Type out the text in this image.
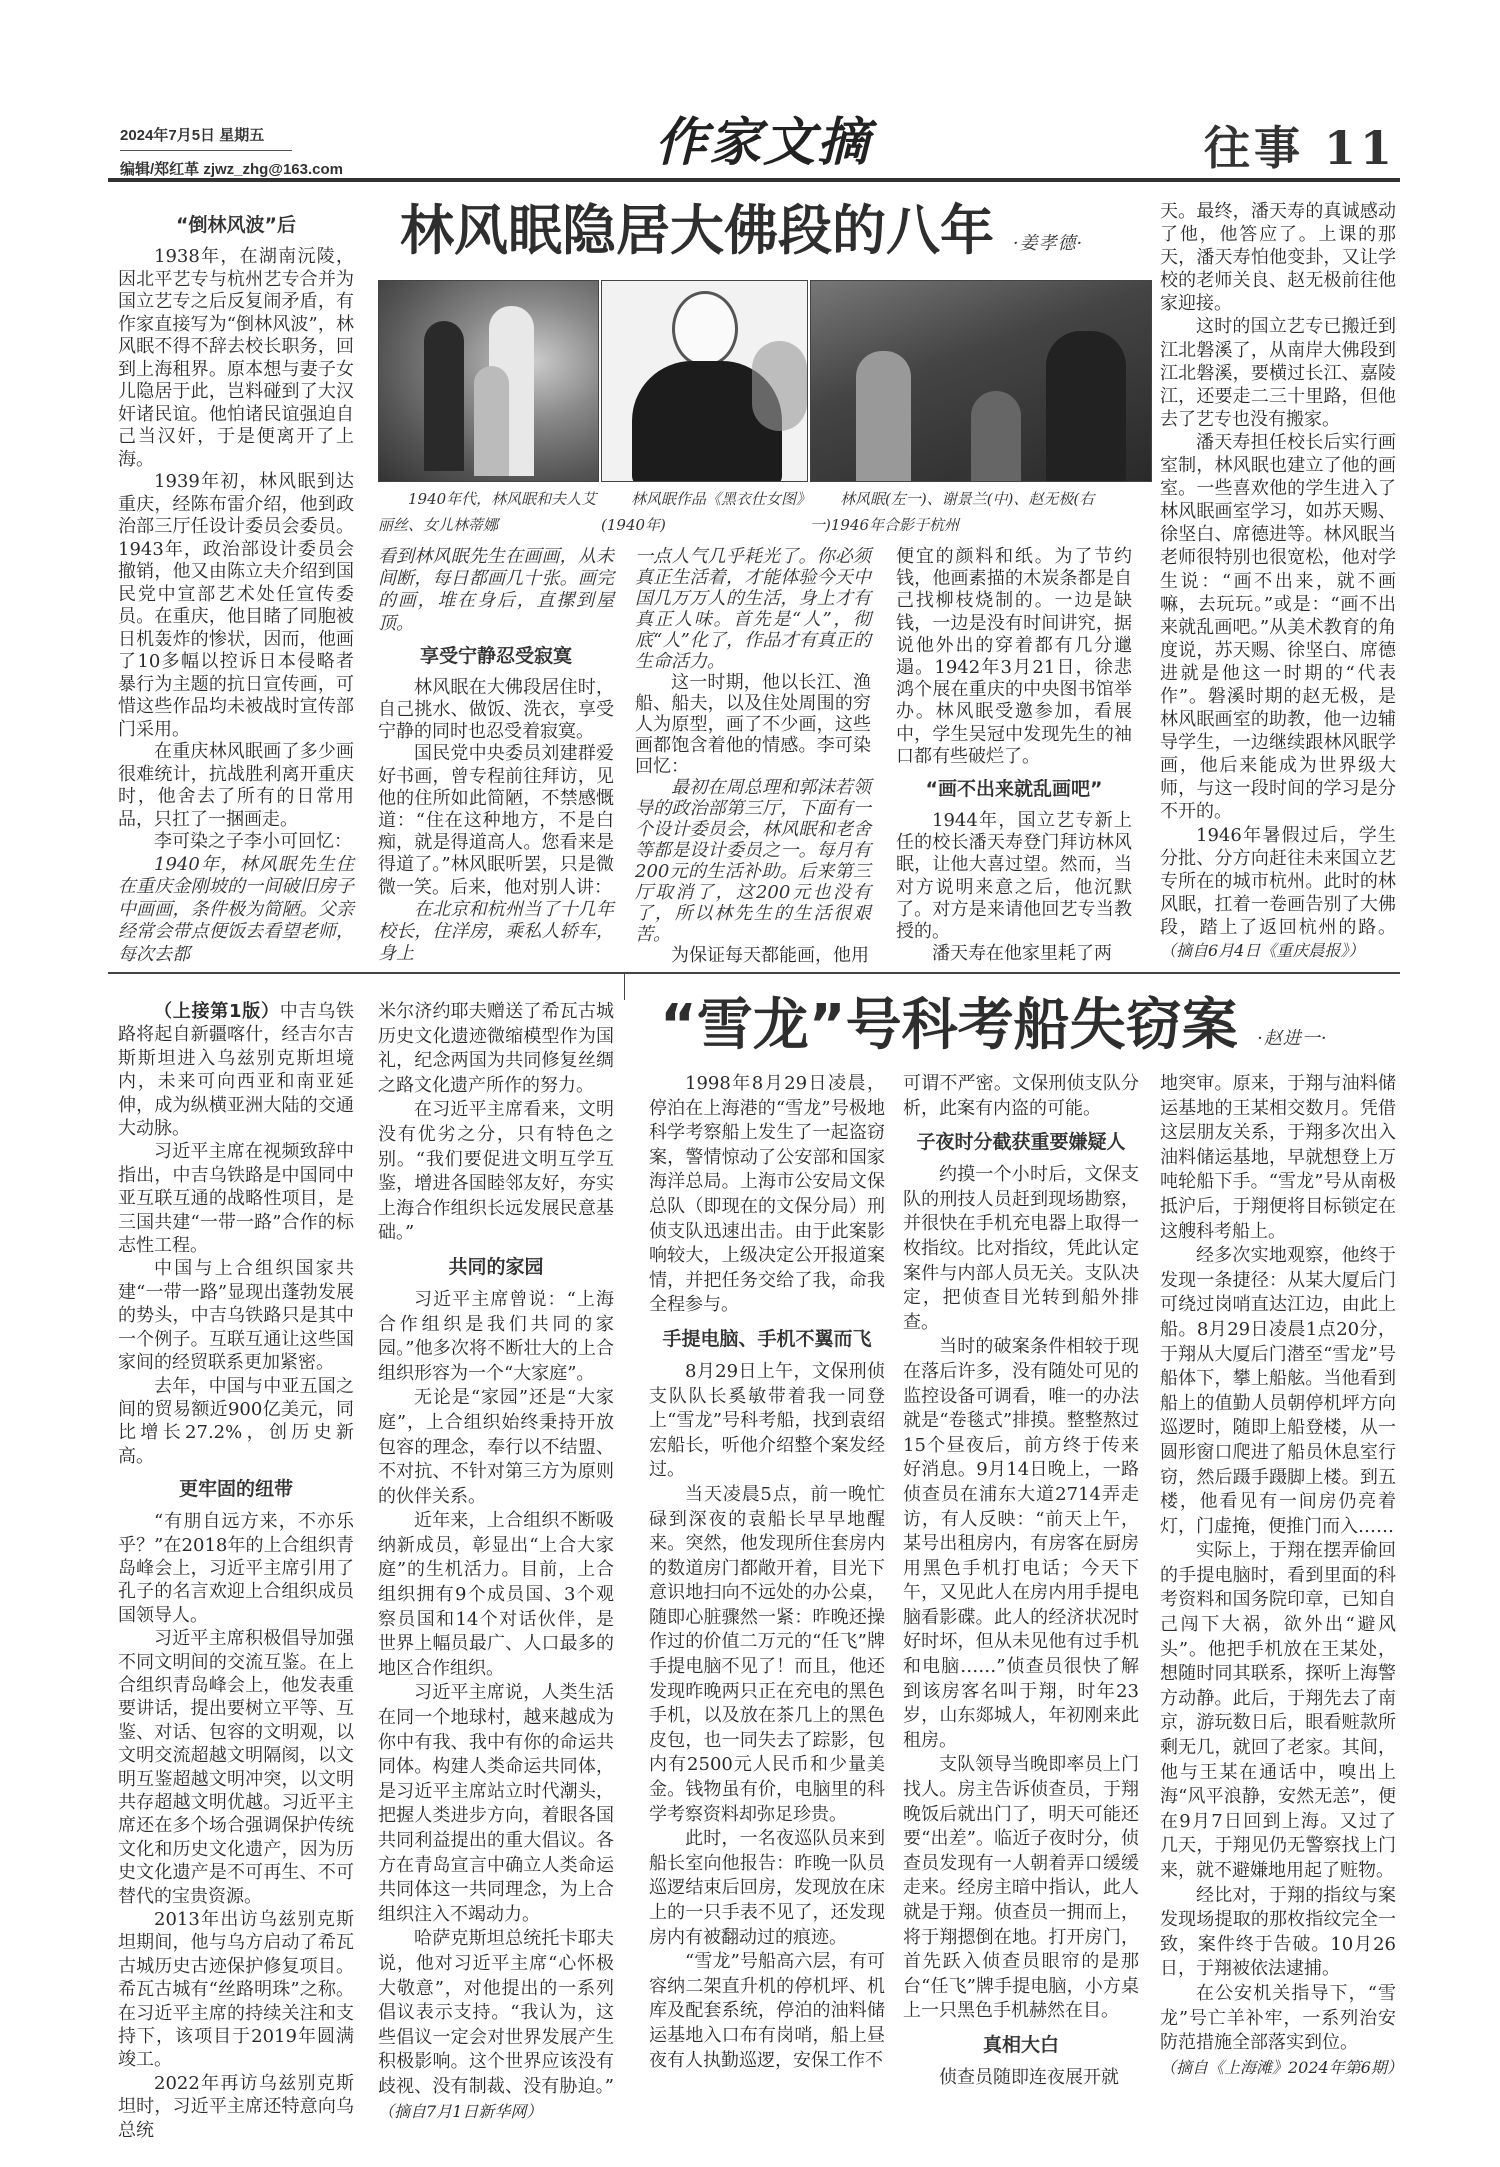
2024年7月5日 星期五
编辑/郑红革 zjwz_zhg@163.com	作家文摘	往事 11
林风眠隐居大佛段的八年 ·姜孝德·
1940年代，林风眠和夫人艾丽丝、女儿林蒂娜
林风眠作品《黑衣仕女图》(1940年)
林风眠(左一)、谢景兰(中)、赵无极(右一)1946年合影于杭州
“倒林风波”后

1938年，在湖南沅陵，因北平艺专与杭州艺专合并为国立艺专之后反复闹矛盾，有作家直接写为“倒林风波”，林风眠不得不辞去校长职务，回到上海租界。原本想与妻子女儿隐居于此，岂料碰到了大汉奸诸民谊。他怕诸民谊强迫自己当汉奸，于是便离开了上海。

1939年初，林风眠到达重庆，经陈布雷介绍，他到政治部三厅任设计委员会委员。1943年，政治部设计委员会撤销，他又由陈立夫介绍到国民党中宣部艺术处任宣传委员。在重庆，他目睹了同胞被日机轰炸的惨状，因而，他画了10多幅以控诉日本侵略者暴行为主题的抗日宣传画，可惜这些作品均未被战时宣传部门采用。

在重庆林风眠画了多少画很难统计，抗战胜利离开重庆时，他舍去了所有的日常用品，只扛了一捆画走。

李可染之子李小可回忆：

1940年，林风眠先生住在重庆金刚坡的一间破旧房子中画画，条件极为简陋。父亲经常会带点便饭去看望老师，每次去都

看到林风眠先生在画画，从未间断，每日都画几十张。画完的画，堆在身后，直摞到屋顶。

享受宁静忍受寂寞

林风眠在大佛段居住时，自己挑水、做饭、洗衣，享受宁静的同时也忍受着寂寞。

国民党中央委员刘建群爱好书画，曾专程前往拜访，见他的住所如此简陋，不禁感慨道：“住在这种地方，不是白痴，就是得道高人。您看来是得道了。”林风眠听罢，只是微微一笑。后来，他对别人讲：

在北京和杭州当了十几年校长，住洋房，乘私人轿车，身上

一点人气几乎耗光了。你必须真正生活着，才能体验今天中国几万万人的生活，身上才有真正人味。首先是“人”，彻底“人”化了，作品才有真正的生命活力。

这一时期，他以长江、渔船、船夫，以及住处周围的穷人为原型，画了不少画，这些画都饱含着他的情感。李可染回忆：

最初在周总理和郭沫若领导的政治部第三厅，下面有一个设计委员会，林风眠和老舍等都是设计委员之一。每月有200元的生活补助。后来第三厅取消了，这200元也没有了，所以林先生的生活很艰苦。

为保证每天都能画，他用

便宜的颜料和纸。为了节约钱，他画素描的木炭条都是自己找柳枝烧制的。一边是缺钱，一边是没有时间讲究，据说他外出的穿着都有几分邋遢。1942年3月21日，徐悲鸿个展在重庆的中央图书馆举办。林风眠受邀参加，看展中，学生吴冠中发现先生的袖口都有些破烂了。

“画不出来就乱画吧”

1944年，国立艺专新上任的校长潘天寿登门拜访林风眠，让他大喜过望。然而，当对方说明来意之后，他沉默了。对方是来请他回艺专当教授的。

潘天寿在他家里耗了两

天。最终，潘天寿的真诚感动了他，他答应了。上课的那天，潘天寿怕他变卦，又让学校的老师关良、赵无极前往他家迎接。

这时的国立艺专已搬迁到江北磐溪了，从南岸大佛段到江北磐溪，要横过长江、嘉陵江，还要走二三十里路，但他去了艺专也没有搬家。

潘天寿担任校长后实行画室制，林风眠也建立了他的画室。一些喜欢他的学生进入了林风眠画室学习，如苏天赐、徐坚白、席德进等。林风眠当老师很特别也很宽松，他对学生说：“画不出来，就不画嘛，去玩玩。”或是：“画不出来就乱画吧。”从美术教育的角度说，苏天赐、徐坚白、席德进就是他这一时期的“代表作”。磐溪时期的赵无极，是林风眠画室的助教，他一边辅导学生，一边继续跟林风眠学画，他后来能成为世界级大师，与这一段时间的学习是分不开的。

1946年暑假过后，学生分批、分方向赶往未来国立艺专所在的城市杭州。此时的林风眠，扛着一卷画告别了大佛段，踏上了返回杭州的路。 （摘自6月4日《重庆晨报》）

（上接第1版）中吉乌铁路将起自新疆喀什，经吉尔吉斯斯坦进入乌兹别克斯坦境内，未来可向西亚和南亚延伸，成为纵横亚洲大陆的交通大动脉。

习近平主席在视频致辞中指出，中吉乌铁路是中国同中亚互联互通的战略性项目，是三国共建“一带一路”合作的标志性工程。

中国与上合组织国家共建“一带一路”显现出蓬勃发展的势头，中吉乌铁路只是其中一个例子。互联互通让这些国家间的经贸联系更加紧密。

去年，中国与中亚五国之间的贸易额近900亿美元，同比增长27.2%，创历史新高。

更牢固的纽带

“有朋自远方来，不亦乐乎？”在2018年的上合组织青岛峰会上，习近平主席引用了孔子的名言欢迎上合组织成员国领导人。

习近平主席积极倡导加强不同文明间的交流互鉴。在上合组织青岛峰会上，他发表重要讲话，提出要树立平等、互鉴、对话、包容的文明观，以文明交流超越文明隔阂，以文明互鉴超越文明冲突，以文明共存超越文明优越。习近平主席还在多个场合强调保护传统文化和历史文化遗产，因为历史文化遗产是不可再生、不可替代的宝贵资源。

2013年出访乌兹别克斯坦期间，他与乌方启动了希瓦古城历史古迹保护修复项目。希瓦古城有“丝路明珠”之称。在习近平主席的持续关注和支持下，该项目于2019年圆满竣工。

2022年再访乌兹别克斯坦时，习近平主席还特意向乌总统

米尔济约耶夫赠送了希瓦古城历史文化遗迹微缩模型作为国礼，纪念两国为共同修复丝绸之路文化遗产所作的努力。

在习近平主席看来，文明没有优劣之分，只有特色之别。“我们要促进文明互学互鉴，增进各国睦邻友好，夯实上海合作组织长远发展民意基础。”

共同的家园

习近平主席曾说：“上海合作组织是我们共同的家园。”他多次将不断壮大的上合组织形容为一个“大家庭”。

无论是“家园”还是“大家庭”，上合组织始终秉持开放包容的理念，奉行以不结盟、不对抗、不针对第三方为原则的伙伴关系。

近年来，上合组织不断吸纳新成员，彰显出“上合大家庭”的生机活力。目前，上合组织拥有9个成员国、3个观察员国和14个对话伙伴，是世界上幅员最广、人口最多的地区合作组织。

习近平主席说，人类生活在同一个地球村，越来越成为你中有我、我中有你的命运共同体。构建人类命运共同体，是习近平主席站立时代潮头，把握人类进步方向，着眼各国共同利益提出的重大倡议。各方在青岛宣言中确立人类命运共同体这一共同理念，为上合组织注入不竭动力。

哈萨克斯坦总统托卡耶夫说，他对习近平主席“心怀极大敬意”，对他提出的一系列倡议表示支持。“我认为，这些倡议一定会对世界发展产生积极影响。这个世界应该没有歧视、没有制裁、没有胁迫。” （摘自7月1日新华网）

“雪龙”号科考船失窃案 ·赵进一·

1998年8月29日凌晨，停泊在上海港的“雪龙”号极地科学考察船上发生了一起盗窃案，警情惊动了公安部和国家海洋总局。上海市公安局文保总队（即现在的文保分局）刑侦支队迅速出击。由于此案影响较大，上级决定公开报道案情，并把任务交给了我，命我全程参与。

手提电脑、手机不翼而飞

8月29日上午，文保刑侦支队队长奚敏带着我一同登上“雪龙”号科考船，找到袁绍宏船长，听他介绍整个案发经过。

当天凌晨5点，前一晚忙碌到深夜的袁船长早早地醒来。突然，他发现所住套房内的数道房门都敞开着，目光下意识地扫向不远处的办公桌，随即心脏骤然一紧：昨晚还操作过的价值二万元的“任飞”牌手提电脑不见了！而且，他还发现昨晚两只正在充电的黑色手机，以及放在茶几上的黑色皮包，也一同失去了踪影，包内有2500元人民币和少量美金。钱物虽有价，电脑里的科学考察资料却弥足珍贵。

此时，一名夜巡队员来到船长室向他报告：昨晚一队员巡逻结束后回房，发现放在床上的一只手表不见了，还发现房内有被翻动过的痕迹。

“雪龙”号船高六层，有可容纳二架直升机的停机坪、机库及配套系统，停泊的油料储运基地入口布有岗哨，船上昼夜有人执勤巡逻，安保工作不

可谓不严密。文保刑侦支队分析，此案有内盗的可能。

子夜时分截获重要嫌疑人

约摸一个小时后，文保支队的刑技人员赶到现场勘察，并很快在手机充电器上取得一枚指纹。比对指纹，凭此认定案件与内部人员无关。支队决定，把侦查目光转到船外排查。

当时的破案条件相较于现在落后许多，没有随处可见的监控设备可调看，唯一的办法就是“卷毯式”排摸。整整熬过15个昼夜后，前方终于传来好消息。9月14日晚上，一路侦查员在浦东大道2714弄走访，有人反映：“前天上午，某号出租房内，有房客在厨房用黑色手机打电话；今天下午，又见此人在房内用手提电脑看影碟。此人的经济状况时好时坏，但从未见他有过手机和电脑……”侦查员很快了解到该房客名叫于翔，时年23岁，山东郯城人，年初刚来此租房。

支队领导当晚即率员上门找人。房主告诉侦查员，于翔晚饭后就出门了，明天可能还要“出差”。临近子夜时分，侦查员发现有一人朝着弄口缓缓走来。经房主暗中指认，此人就是于翔。侦查员一拥而上，将于翔摁倒在地。打开房门，首先跃入侦查员眼帘的是那台“任飞”牌手提电脑，小方桌上一只黑色手机赫然在目。

真相大白

侦查员随即连夜展开就

地突审。原来，于翔与油料储运基地的王某相交数月。凭借这层朋友关系，于翔多次出入油料储运基地，早就想登上万吨轮船下手。“雪龙”号从南极抵沪后，于翔便将目标锁定在这艘科考船上。

经多次实地观察，他终于发现一条捷径：从某大厦后门可绕过岗哨直达江边，由此上船。8月29日凌晨1点20分，于翔从大厦后门潜至“雪龙”号船体下，攀上船舷。当他看到船上的值勤人员朝停机坪方向巡逻时，随即上船登楼，从一圆形窗口爬进了船员休息室行窃，然后蹑手蹑脚上楼。到五楼，他看见有一间房仍亮着灯，门虚掩，便推门而入……

实际上，于翔在摆弄偷回的手提电脑时，看到里面的科考资料和国务院印章，已知自己闯下大祸，欲外出“避风头”。他把手机放在王某处，想随时同其联系，探听上海警方动静。此后，于翔先去了南京，游玩数日后，眼看赃款所剩无几，就回了老家。其间，他与王某在通话中，嗅出上海“风平浪静，安然无恙”，便在9月7日回到上海。又过了几天，于翔见仍无警察找上门来，就不避嫌地用起了赃物。

经比对，于翔的指纹与案发现场提取的那枚指纹完全一致，案件终于告破。10月26日，于翔被依法逮捕。

在公安机关指导下，“雪龙”号亡羊补牢，一系列治安防范措施全部落实到位。

（摘自《上海滩》2024年第6期）
